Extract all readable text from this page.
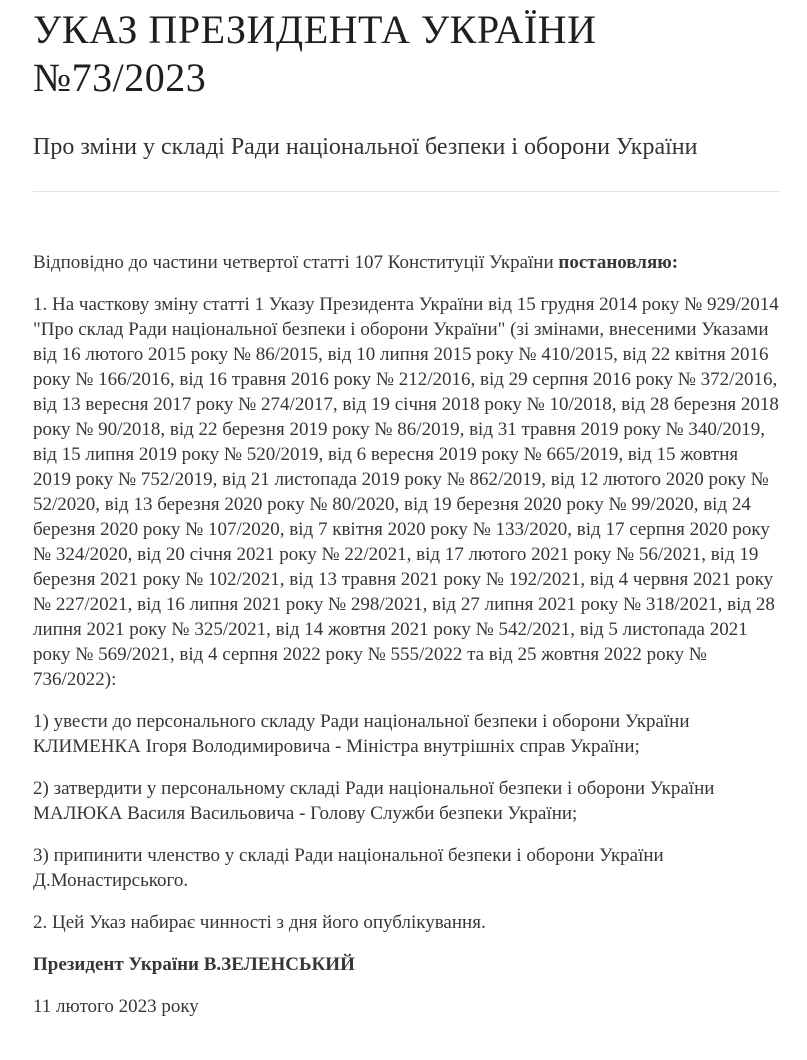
УКАЗ ПРЕЗИДЕНТА УКРАЇНИ №73/2023
Про зміни у складі Ради національної безпеки і оборони України

Відповідно до частини четвертої статті 107 Конституції України постановляю:

1. На часткову зміну статті 1 Указу Президента України від 15 грудня 2014 року № 929/2014 "Про склад Ради національної безпеки і оборони України" (зі змінами, внесеними Указами від 16 лютого 2015 року № 86/2015, від 10 липня 2015 року № 410/2015, від 22 квітня 2016 року № 166/2016, від 16 травня 2016 року № 212/2016, від 29 серпня 2016 року № 372/2016, від 13 вересня 2017 року № 274/2017, від 19 січня 2018 року № 10/2018, від 28 березня 2018 року № 90/2018, від 22 березня 2019 року № 86/2019, від 31 травня 2019 року № 340/2019, від 15 липня 2019 року № 520/2019, від 6 вересня 2019 року № 665/2019, від 15 жовтня 2019 року № 752/2019, від 21 листопада 2019 року № 862/2019, від 12 лютого 2020 року № 52/2020, від 13 березня 2020 року № 80/2020, від 19 березня 2020 року № 99/2020, від 24 березня 2020 року № 107/2020, від 7 квітня 2020 року № 133/2020, від 17 серпня 2020 року № 324/2020, від 20 січня 2021 року № 22/2021, від 17 лютого 2021 року № 56/2021, від 19 березня 2021 року № 102/2021, від 13 травня 2021 року № 192/2021, від 4 червня 2021 року № 227/2021, від 16 липня 2021 року № 298/2021, від 27 липня 2021 року № 318/2021, від 28 липня 2021 року № 325/2021, від 14 жовтня 2021 року № 542/2021, від 5 листопада 2021 року № 569/2021, від 4 серпня 2022 року № 555/2022 та від 25 жовтня 2022 року № 736/2022):

1) увести до персонального складу Ради національної безпеки і оборони України КЛИМЕНКА Ігоря Володимировича - Міністра внутрішніх справ України;

2) затвердити у персональному складі Ради національної безпеки і оборони України МАЛЮКА Василя Васильовича - Голову Служби безпеки України;

3) припинити членство у складі Ради національної безпеки і оборони України Д.Монастирського.

2. Цей Указ набирає чинності з дня його опублікування.

Президент України В.ЗЕЛЕНСЬКИЙ

11 лютого 2023 року
